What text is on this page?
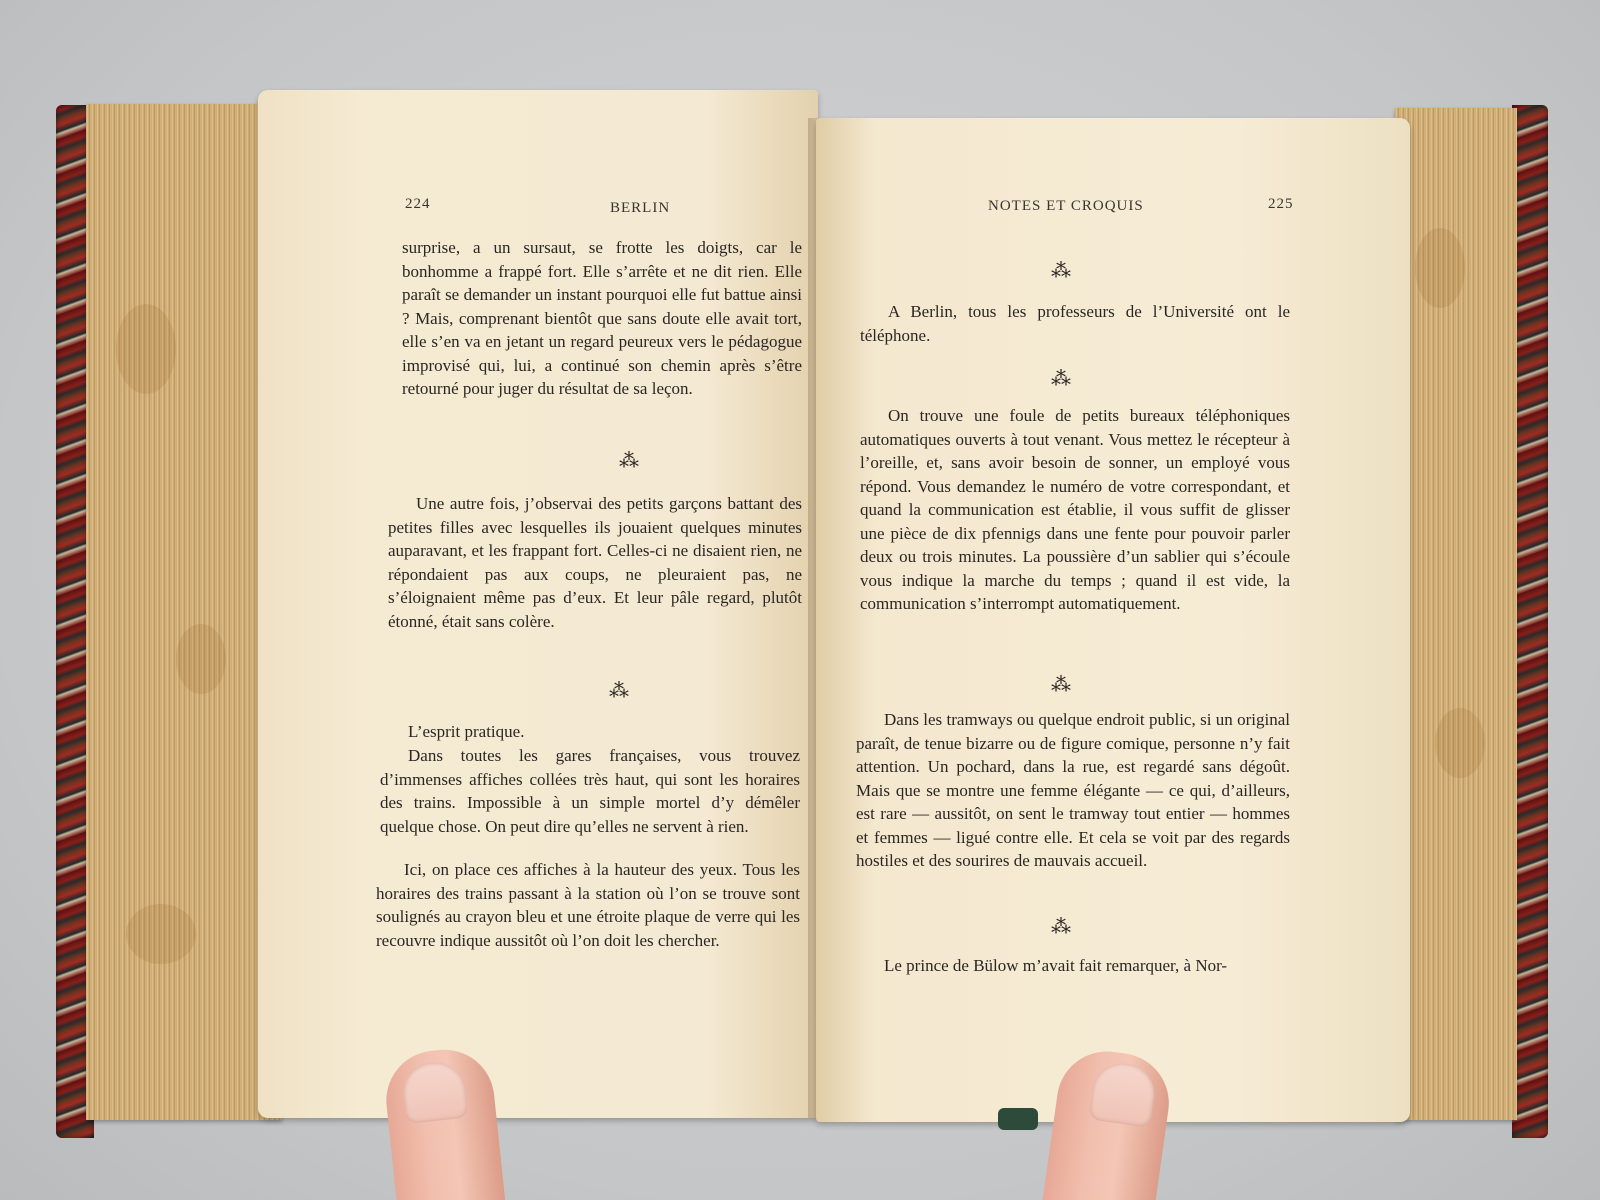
224	BERLIN

surprise, a un sursaut, se frotte les doigts, car le bonhomme a frappé fort. Elle s’arrête et ne dit rien. Elle paraît se demander un instant pourquoi elle fut battue ainsi ? Mais, comprenant bientôt que sans doute elle avait tort, elle s’en va en jetant un regard peureux vers le pédagogue improvisé qui, lui, a continué son chemin après s’être retourné pour juger du résultat de sa leçon.

⁂

Une autre fois, j’observai des petits garçons battant des petites filles avec lesquelles ils jouaient quelques minutes auparavant, et les frappant fort. Celles-ci ne disaient rien, ne répondaient pas aux coups, ne pleuraient pas, ne s’éloignaient même pas d’eux. Et leur pâle regard, plutôt étonné, était sans colère.

⁂

L’esprit pratique.

Dans toutes les gares françaises, vous trouvez d’immenses affiches collées très haut, qui sont les horaires des trains. Impossible à un simple mortel d’y démêler quelque chose. On peut dire qu’elles ne servent à rien.

Ici, on place ces affiches à la hauteur des yeux. Tous les horaires des trains passant à la station où l’on se trouve sont soulignés au crayon bleu et une étroite plaque de verre qui les recouvre indique aussitôt où l’on doit les chercher.

NOTES ET CROQUIS	225
⁂

A Berlin, tous les professeurs de l’Université ont le téléphone.

⁂

On trouve une foule de petits bureaux téléphoniques automatiques ouverts à tout venant. Vous mettez le récepteur à l’oreille, et, sans avoir besoin de sonner, un employé vous répond. Vous demandez le numéro de votre correspondant, et quand la communication est établie, il vous suffit de glisser une pièce de dix pfennigs dans une fente pour pouvoir parler deux ou trois minutes. La poussière d’un sablier qui s’écoule vous indique la marche du temps ; quand il est vide, la communication s’interrompt automatiquement.

⁂

Dans les tramways ou quelque endroit public, si un original paraît, de tenue bizarre ou de figure comique, personne n’y fait attention. Un pochard, dans la rue, est regardé sans dégoût. Mais que se montre une femme élégante — ce qui, d’ailleurs, est rare — aussitôt, on sent le tramway tout entier — hommes et femmes — ligué contre elle. Et cela se voit par des regards hostiles et des sourires de mauvais accueil.

⁂

Le prince de Bülow m’avait fait remarquer, à Nor-
